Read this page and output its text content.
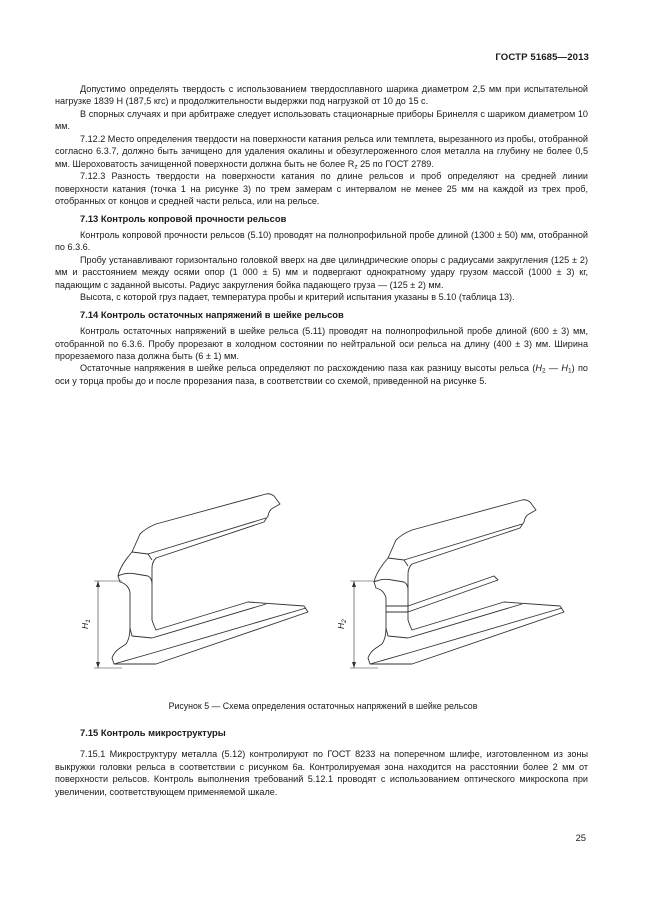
ГОСТР 51685—2013

Допустимо определять твердость с использованием твердосплавного шарика диаметром 2,5 мм при испытательной нагрузке 1839 Н (187,5 кгс) и продолжительности выдержки под нагрузкой от 10 до 15 с.

В спорных случаях и при арбитраже следует использовать стационарные приборы Бринелля с шариком диаметром 10 мм.

7.12.2 Место определения твердости на поверхности катания рельса или темплета, вырезанного из пробы, отобранной согласно 6.3.7, должно быть зачищено для удаления окалины и обезуглероженного слоя металла на глубину не более 0,5 мм. Шероховатость зачищенной поверхности должна быть не более $R_z$ 25 по ГОСТ 2789.

7.12.3 Разность твердости на поверхности катания по длине рельсов и проб определяют на средней линии поверхности катания (точка 1 на рисунке 3) по трем замерам с интервалом не менее 25 мм на каждой из трех проб, отобранных от концов и средней части рельса, или на рельсе.

7.13 Контроль копровой прочности рельсов

Контроль копровой прочности рельсов (5.10) проводят на полнопрофильной пробе длиной (1300 ± 50) мм, отобранной по 6.3.6.

Пробу устанавливают горизонтально головкой вверх на две цилиндрические опоры с радиусами закругления (125 ± 2) мм и расстоянием между осями опор (1 000 ± 5) мм и подвергают однократному удару грузом массой (1000 ± 3) кг, падающим с заданной высоты. Радиус закругления бойка падающего груза — (125 ± 2) мм.

Высота, с которой груз падает, температура пробы и критерий испытания указаны в 5.10 (таблица 13).

7.14 Контроль остаточных напряжений в шейке рельсов

Контроль остаточных напряжений в шейке рельса (5.11) проводят на полнопрофильной пробе длиной (600 ± 3) мм, отобранной по 6.3.6. Пробу прорезают в холодном состоянии по нейтральной оси рельса на длину (400 ± 3) мм. Ширина прорезаемого паза должна быть (6 ± 1) мм.

Остаточные напряжения в шейке рельса определяют по расхождению паза как разницу высоты рельса ($H_2$ — $H_1$) по оси у торца пробы до и после прорезания паза, в соответствии со схемой, приведенной на рисунке 5.

$H_1$
$H_2$
Рисунок 5 — Схема определения остаточных напряжений в шейке рельсов
7.15 Контроль микроструктуры

7.15.1 Микроструктуру металла (5.12) контролируют по ГОСТ 8233 на поперечном шлифе, изготовленном из зоны выкружки головки рельса в соответствии с рисунком 6а. Контролируемая зона находится на расстоянии более 2 мм от поверхности рельсов. Контроль выполнения требований 5.12.1 проводят с использованием оптического микроскопа при увеличении, соответствующем применяемой шкале.

25
